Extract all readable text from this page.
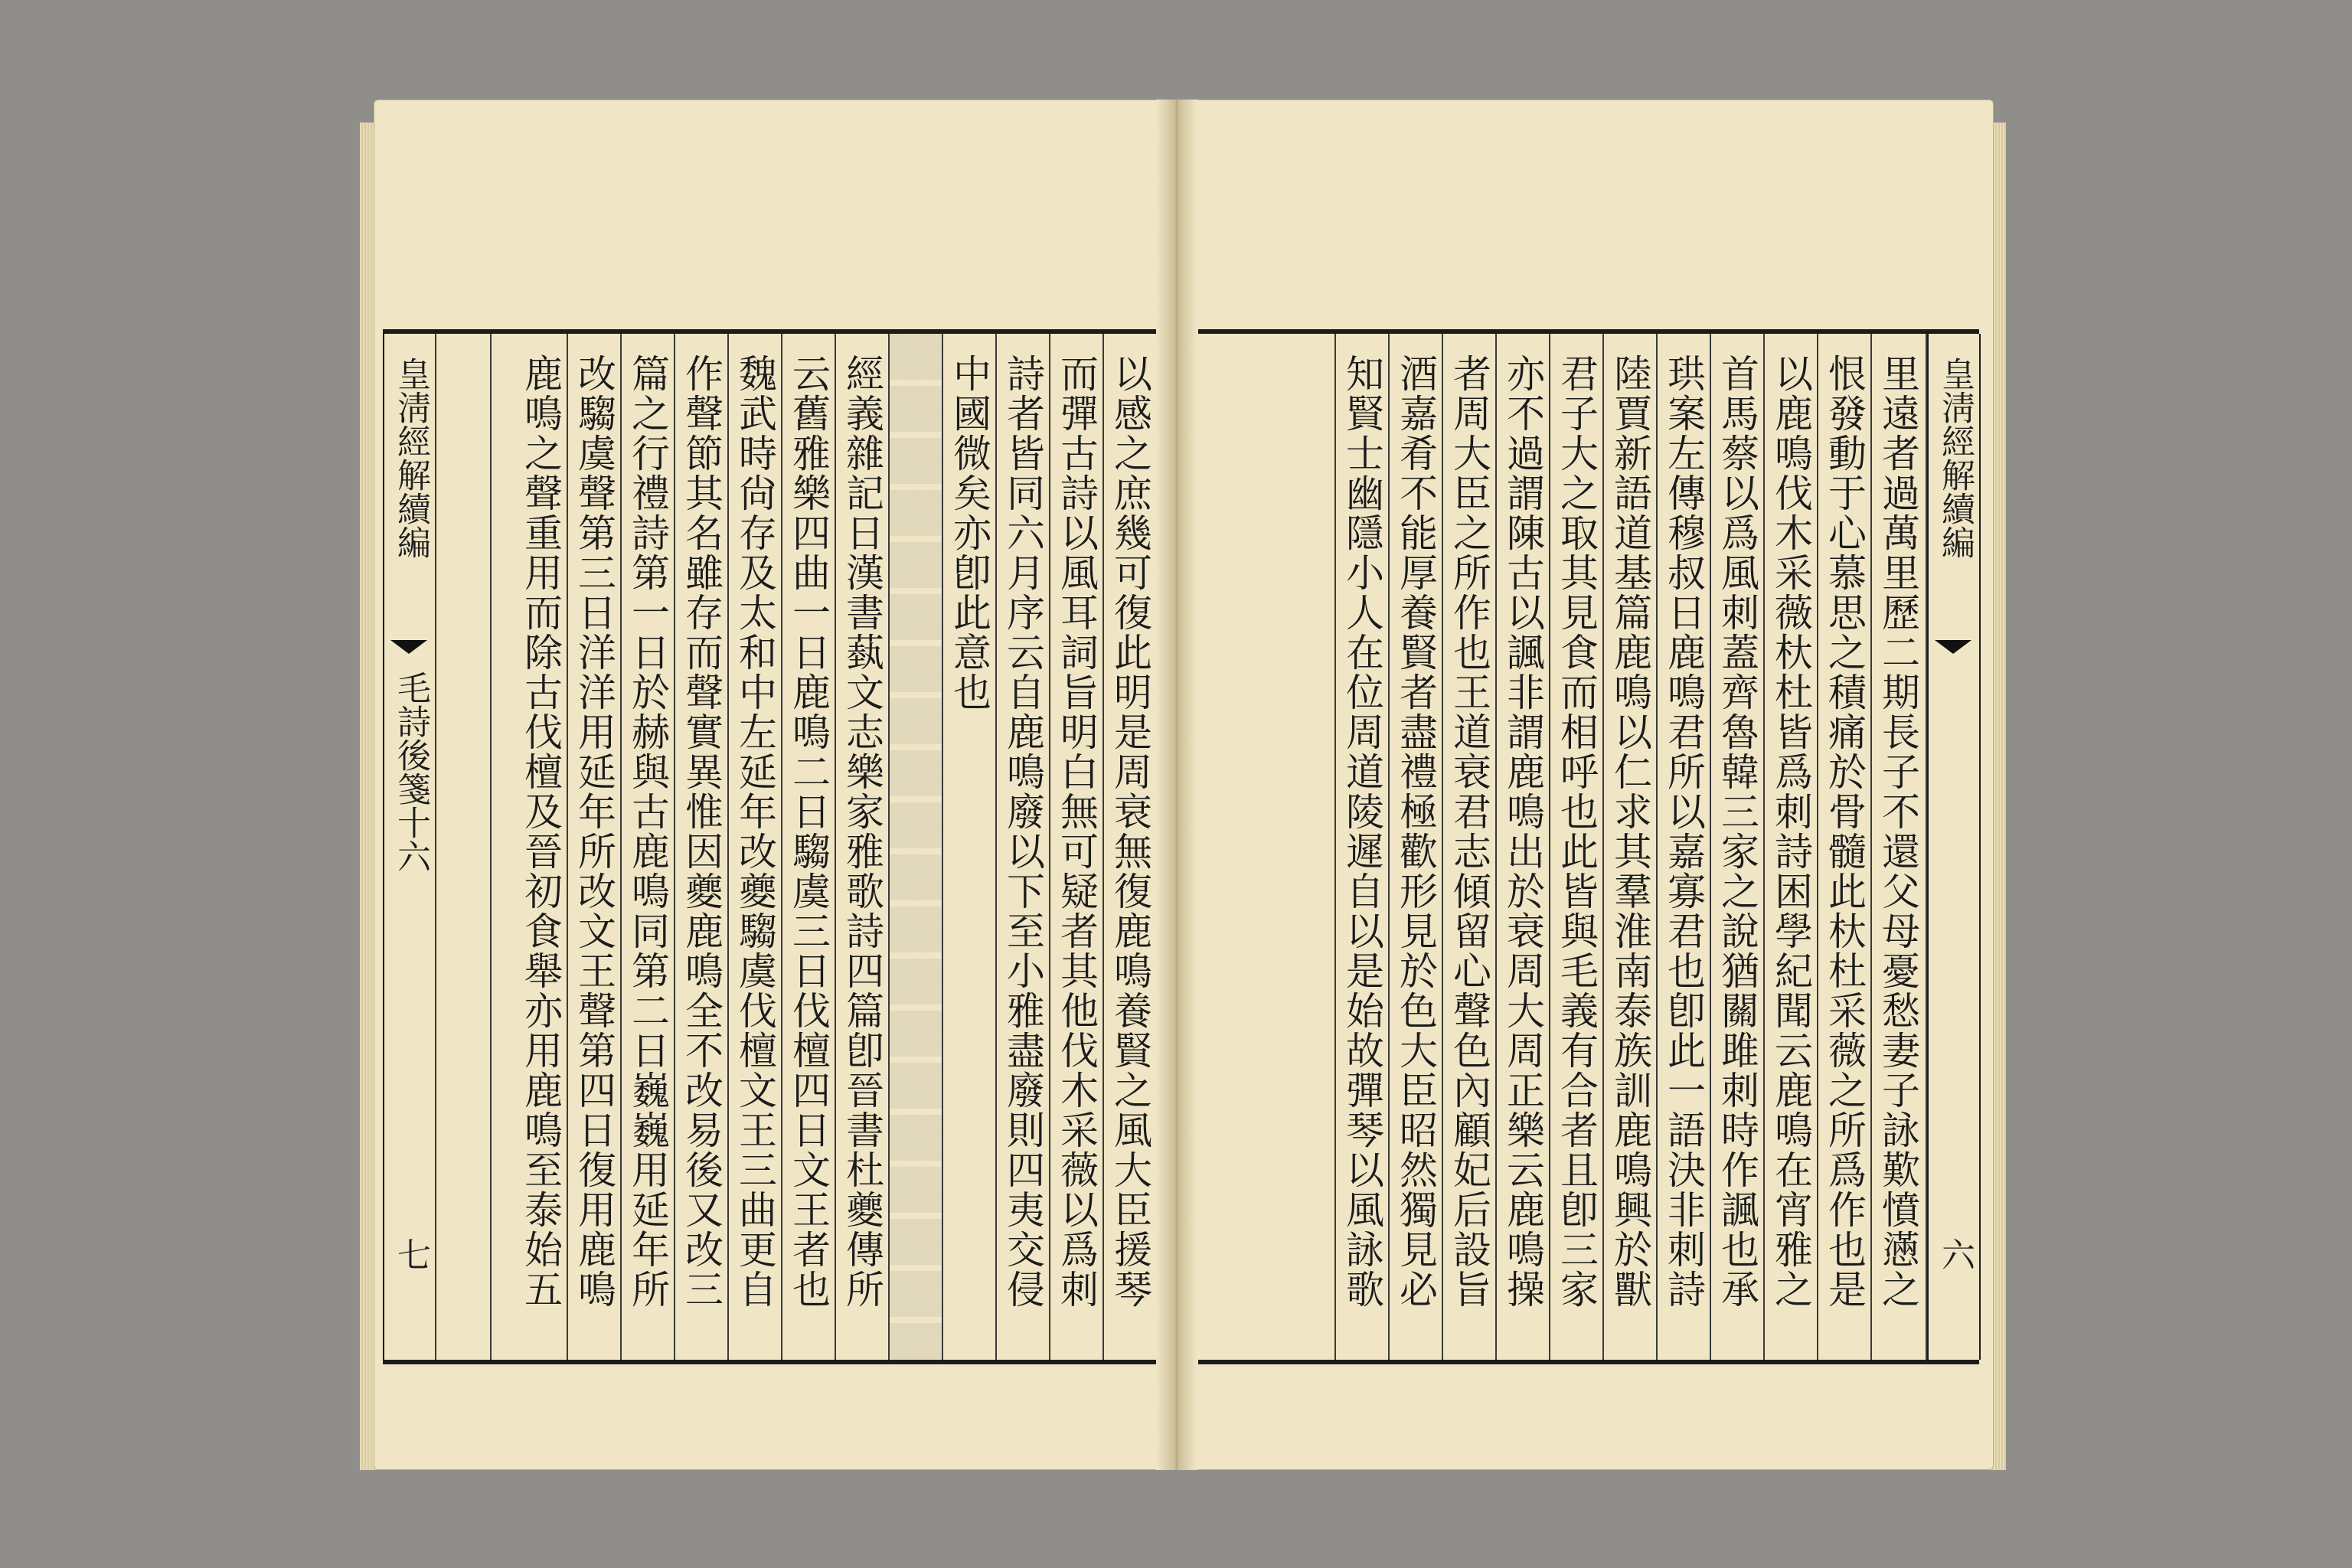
皇淸經解續編
毛詩後箋十六
七	以感之庶幾可復此明是周衰無復鹿鳴養賢之風大臣援琴
而彈古詩以風耳詞旨明白無可疑者其他伐木采薇以爲刺
詩者皆同六月序云自鹿鳴廢以下至小雅盡廢則四夷交侵
中國微矣亦卽此意也
經義雜記日漢書蓺文志樂家雅歌詩四篇卽晉書杜夔傳所
云舊雅樂四曲一日鹿鳴二日騶虞三日伐檀四日文王者也
魏武時尙存及太和中左延年改夔騶虞伐檀文王三曲更自
作聲節其名雖存而聲實異惟因夔鹿鳴全不改易後又改三
篇之行禮詩第一日於赫與古鹿鳴同第二日巍巍用延年所
改騶虞聲第三日洋洋用延年所改文王聲第四日復用鹿鳴
鹿鳴之聲重用而除古伐檀及晉初食舉亦用鹿鳴至泰始五	皇淸經解續編
六
里遠者過萬里歷二期長子不還父母憂愁妻子詠歎憤懣之
恨發動于心慕思之積痛於骨髓此杕杜采薇之所爲作也是
以鹿鳴伐木采薇杕杜皆爲刺詩困學紀聞云鹿鳴在宵雅之
首馬蔡以爲風刺蓋齊魯韓三家之說猶關雎刺時作諷也承
珙案左傳穆叔日鹿鳴君所以嘉寡君也卽此一語決非刺詩
陸賈新語道基篇鹿鳴以仁求其羣淮南泰族訓鹿鳴興於獸
君子大之取其見食而相呼也此皆與毛義有合者且卽三家
亦不過謂陳古以諷非謂鹿鳴出於衰周大周正樂云鹿鳴操
者周大臣之所作也王道衰君志傾留心聲色內顧妃后設旨
酒嘉肴不能厚養賢者盡禮極歡形見於色大臣昭然獨見必
知賢士幽隱小人在位周道陵遲自以是始故彈琴以風詠歌
